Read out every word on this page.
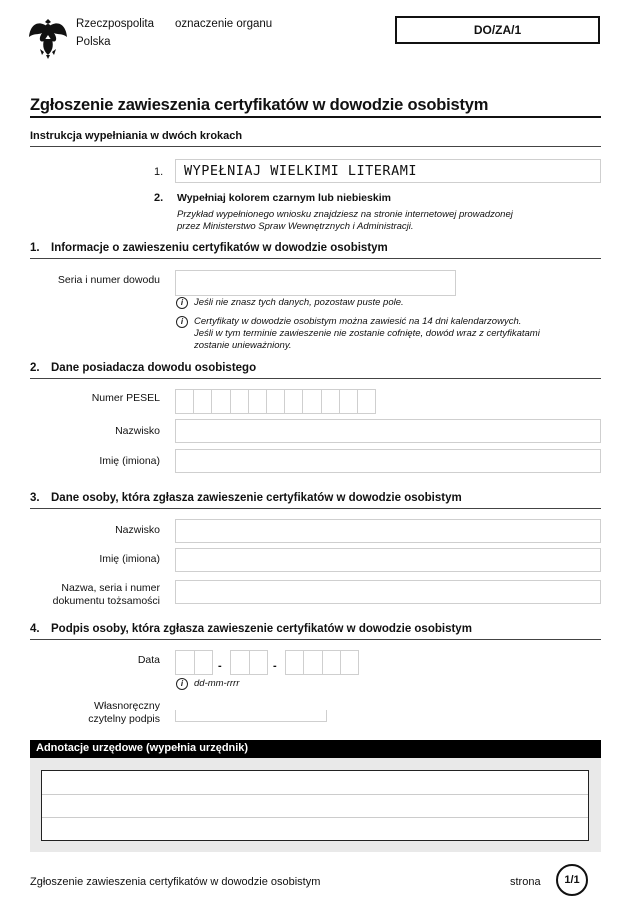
Rzeczpospolita
Polska
oznaczenie organu	DO/ZA/1
Zgłoszenie zawieszenia certyfikatów w dowodzie osobistym
Instrukcja wypełniania w dwóch krokach
1.	WYPEŁNIAJ WIELKIMI LITERAMI
2. Wypełniaj kolorem czarnym lub niebieskim
Przykład wypełnionego wniosku znajdziesz na stronie internetowej prowadzonej
przez Ministerstwo Spraw Wewnętrznych i Administracji.
1. Informacje o zawieszeniu certyfikatów w dowodzie osobistym
Seria i numer dowodu
i	Jeśli nie znasz tych danych, pozostaw puste pole.
i	Certyfikaty w dowodzie osobistym można zawiesić na 14 dni kalendarzowych.
Jeśli w tym terminie zawieszenie nie zostanie cofnięte, dowód wraz z certyfikatami
zostanie unieważniony.
2. Dane posiadacza dowodu osobistego
Numer PESEL
Nazwisko
Imię (imiona)
3. Dane osoby, która zgłasza zawieszenie certyfikatów w dowodzie osobistym
Nazwisko
Imię (imiona)
Nazwa, seria i numer
dokumentu tożsamości
4. Podpis osoby, która zgłasza zawieszenie certyfikatów w dowodzie osobistym
Data	-	-
i	dd-mm-rrrr
Własnoręczny
czytelny podpis
Adnotacje urzędowe (wypełnia urzędnik)
Zgłoszenie zawieszenia certyfikatów w dowodzie osobistym	strona	1/1
